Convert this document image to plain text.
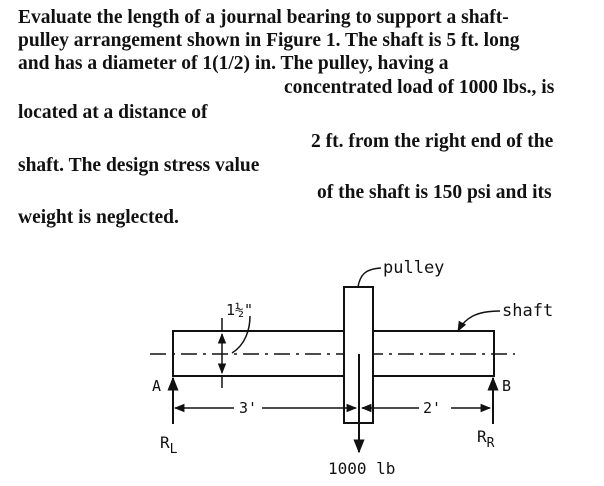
Evaluate the length of a journal bearing to support a shaft-
pulley arrangement shown in Figure 1. The shaft is 5 ft. long
and has a diameter of 1(1/2) in. The pulley, having a
concentrated load of 1000 lbs., is
located at a distance of
2 ft. from the right end of the
shaft. The design stress value
of the shaft is 150 psi and its
weight is neglected.
pulley
shaft
1½"
A	B
3'	2'
1000 lb
$R_L$
$R_R$
